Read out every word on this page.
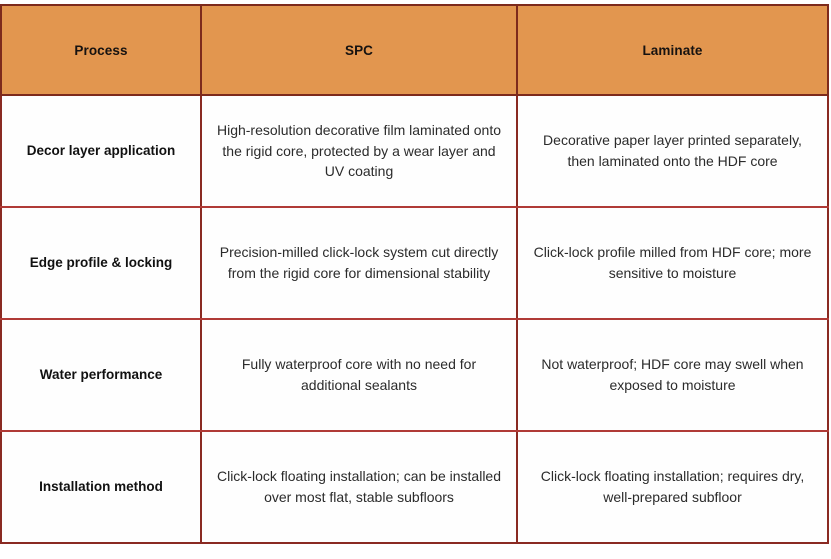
Process	SPC	Laminate

Decor layer application	High-resolution decorative film laminated onto the rigid core, protected by a wear layer and UV coating	Decorative paper layer printed separately, then laminated onto the HDF core

Edge profile & locking	Precision-milled click-lock system cut directly from the rigid core for dimensional stability	Click-lock profile milled from HDF core; more sensitive to moisture

Water performance	Fully waterproof core with no need for additional sealants	Not waterproof; HDF core may swell when exposed to moisture

Installation method	Click-lock floating installation; can be installed over most flat, stable subfloors	Click-lock floating installation; requires dry, well-prepared subfloor
